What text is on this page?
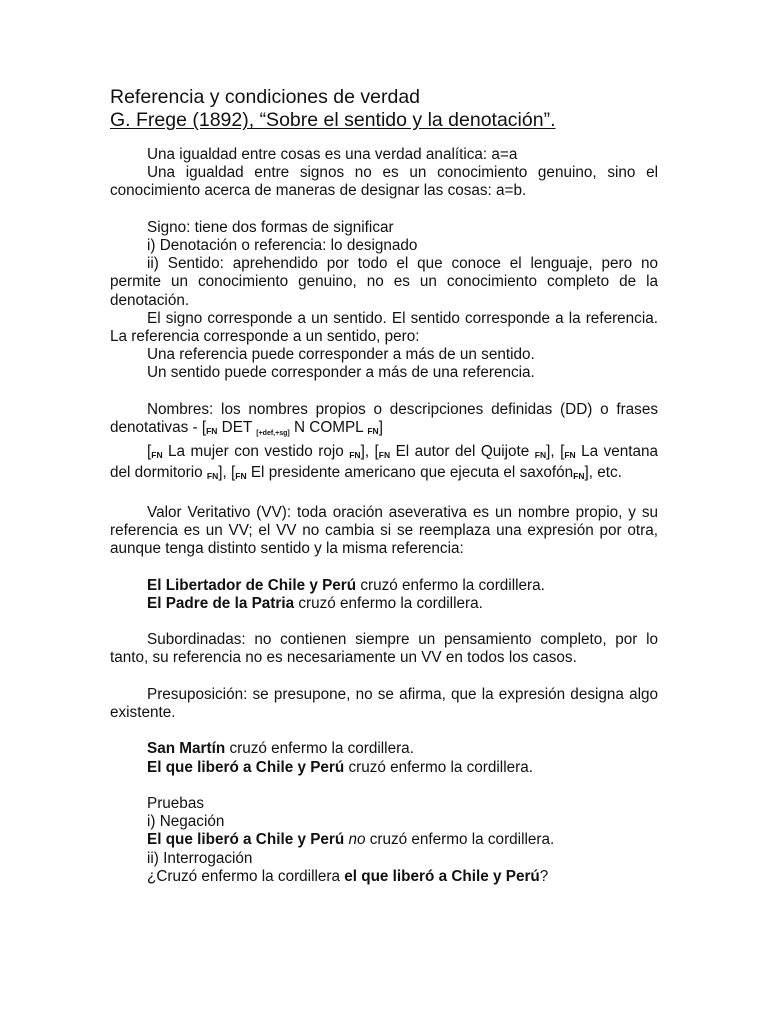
Referencia y condiciones de verdad
G. Frege (1892), “Sobre el sentido y la denotación”.

Una igualdad entre cosas es una verdad analítica: a=a

Una igualdad entre signos no es un conocimiento genuino, sino el conocimiento acerca de maneras de designar las cosas: a=b.

Signo: tiene dos formas de significar

i) Denotación o referencia: lo designado

ii) Sentido: aprehendido por todo el que conoce el lenguaje, pero no permite un conocimiento genuino, no es un conocimiento completo de la denotación.

El signo corresponde a un sentido. El sentido corresponde a la referencia. La referencia corresponde a un sentido, pero:

Una referencia puede corresponder a más de un sentido.

Un sentido puede corresponder a más de una referencia.

Nombres: los nombres propios o descripciones definidas (DD) o frases denotativas - [FN DET [+def,+sg] N COMPL FN]

[FN La mujer con vestido rojo FN], [FN El autor del Quijote FN], [FN La ventana del dormitorio FN], [FN El presidente americano que ejecuta el saxofónFN], etc.

Valor Veritativo (VV): toda oración aseverativa es un nombre propio, y su referencia es un VV; el VV no cambia si se reemplaza una expresión por otra, aunque tenga distinto sentido y la misma referencia:

El Libertador de Chile y Perú cruzó enfermo la cordillera.

El Padre de la Patria cruzó enfermo la cordillera.

Subordinadas: no contienen siempre un pensamiento completo, por lo tanto, su referencia no es necesariamente un VV en todos los casos.

Presuposición: se presupone, no se afirma, que la expresión designa algo existente.

San Martín cruzó enfermo la cordillera.

El que liberó a Chile y Perú cruzó enfermo la cordillera.

Pruebas

i) Negación

El que liberó a Chile y Perú no cruzó enfermo la cordillera.

ii) Interrogación

¿Cruzó enfermo la cordillera el que liberó a Chile y Perú?
